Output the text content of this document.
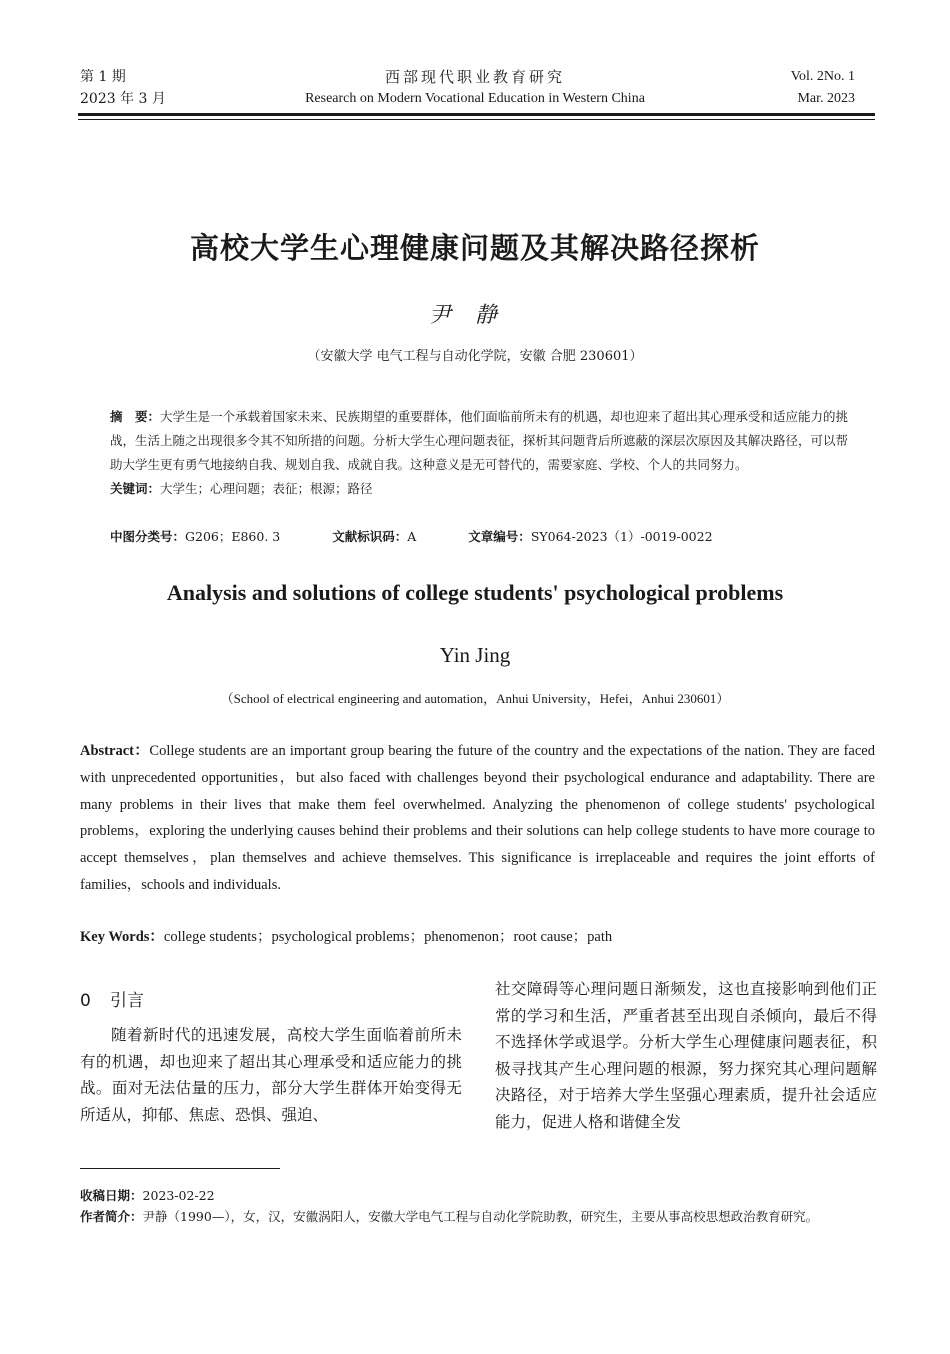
第 1 期
2023 年 3 月
西部现代职业教育研究
Research on Modern Vocational Education in Western China
Vol. 2No. 1
Mar. 2023
高校大学生心理健康问题及其解决路径探析
尹静
（安徽大学 电气工程与自动化学院，安徽 合肥 230601）
摘　要：大学生是一个承载着国家未来、民族期望的重要群体，他们面临前所未有的机遇，却也迎来了超出其心理承受和适应能力的挑战，生活上随之出现很多令其不知所措的问题。分析大学生心理问题表征，探析其问题背后所遮蔽的深层次原因及其解决路径，可以帮助大学生更有勇气地接纳自我、规划自我、成就自我。这种意义是无可替代的，需要家庭、学校、个人的共同努力。
关键词：大学生；心理问题；表征；根源；路径
中图分类号：G206；E860. 3	文献标识码：A	文章编号：SY064-2023（1）-0019-0022
Analysis and solutions of college students' psychological problems
Yin Jing
（School of electrical engineering and automation，Anhui University，Hefei，Anhui 230601）
Abstract：College students are an important group bearing the future of the country and the expectations of the nation. They are faced with unprecedented opportunities，but also faced with challenges beyond their psychological endurance and adaptability. There are many problems in their lives that make them feel overwhelmed. Analyzing the phenomenon of college students' psychological problems，exploring the underlying causes behind their problems and their solutions can help college students to have more courage to accept themselves，plan themselves and achieve themselves. This significance is irreplaceable and requires the joint efforts of families，schools and individuals.
Key Words：college students；psychological problems；phenomenon；root cause；path
0 引言

随着新时代的迅速发展，高校大学生面临着前所未有的机遇，却也迎来了超出其心理承受和适应能力的挑战。面对无法估量的压力，部分大学生群体开始变得无所适从，抑郁、焦虑、恐惧、强迫、

社交障碍等心理问题日渐频发，这也直接影响到他们正常的学习和生活，严重者甚至出现自杀倾向，最后不得不选择休学或退学。分析大学生心理健康问题表征，积极寻找其产生心理问题的根源，努力探究其心理问题解决路径，对于培养大学生坚强心理素质，提升社会适应能力，促进人格和谐健全发
收稿日期：2023-02-22
作者简介：尹静（1990—），女，汉，安徽涡阳人，安徽大学电气工程与自动化学院助教，研究生，主要从事高校思想政治教育研究。
